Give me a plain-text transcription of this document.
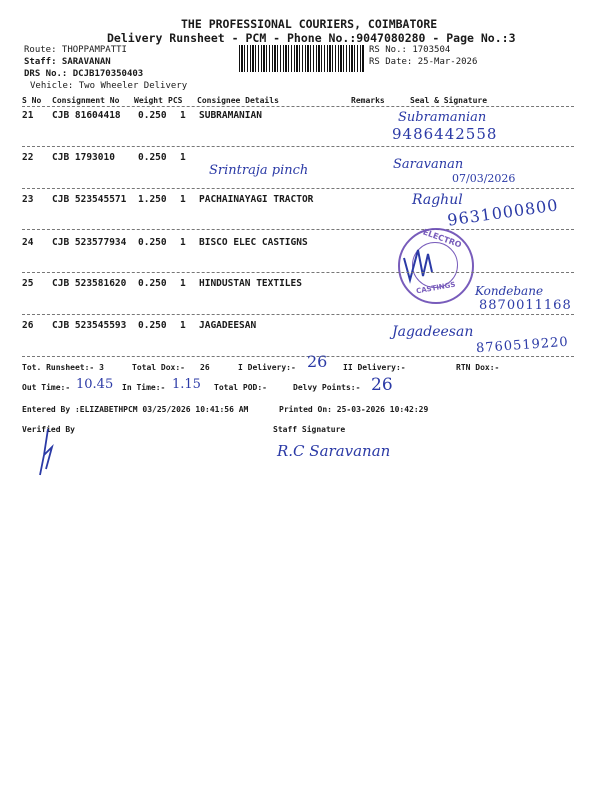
THE PROFESSIONAL COURIERS, COIMBATORE
Delivery Runsheet - PCM - Phone No.:9047080280 - Page No.:3
Route: THOPPAMPATTI
Staff: SARAVANAN
DRS No.: DCJB170350403
Vehicle: Two Wheeler Delivery
RS No.: 1703504
RS Date: 25-Mar-2026
S No Consignment No Weight PCS Consignee Details	Remarks	Seal & Signature
21 CJB 81604418 0.250 1 SUBRAMANIAN	Subramanian
9486442558
22 CJB 1793010 0.250 1
Srintraja pinch	Saravanan
07/03/2026
23 CJB 523545571 1.250 1 PACHAINAYAGI TRACTOR	Raghul
9631000800
24 CJB 523577934 0.250 1 BISCO ELEC CASTIGNS	ELECTRO
CASTINGS
25 CJB 523581620 0.250 1 HINDUSTAN TEXTILES
Kondebane
8870011168
26 CJB 523545593 0.250 1 JAGADEESAN	Jagadeesan
8760519220
Tot. Runsheet:- 3	Total Dox:- 26	I Delivery:- 26 II Delivery:-	RTN Dox:-
Out Time:- 10.45 In Time:- 1.15 Total POD:-	Delvy Points:- 26
Entered By :ELIZABETHPCM 03/25/2026 10:41:56 AM	Printed On: 25-03-2026 10:42:29
Verified By	Staff Signature
R.C Saravanan
